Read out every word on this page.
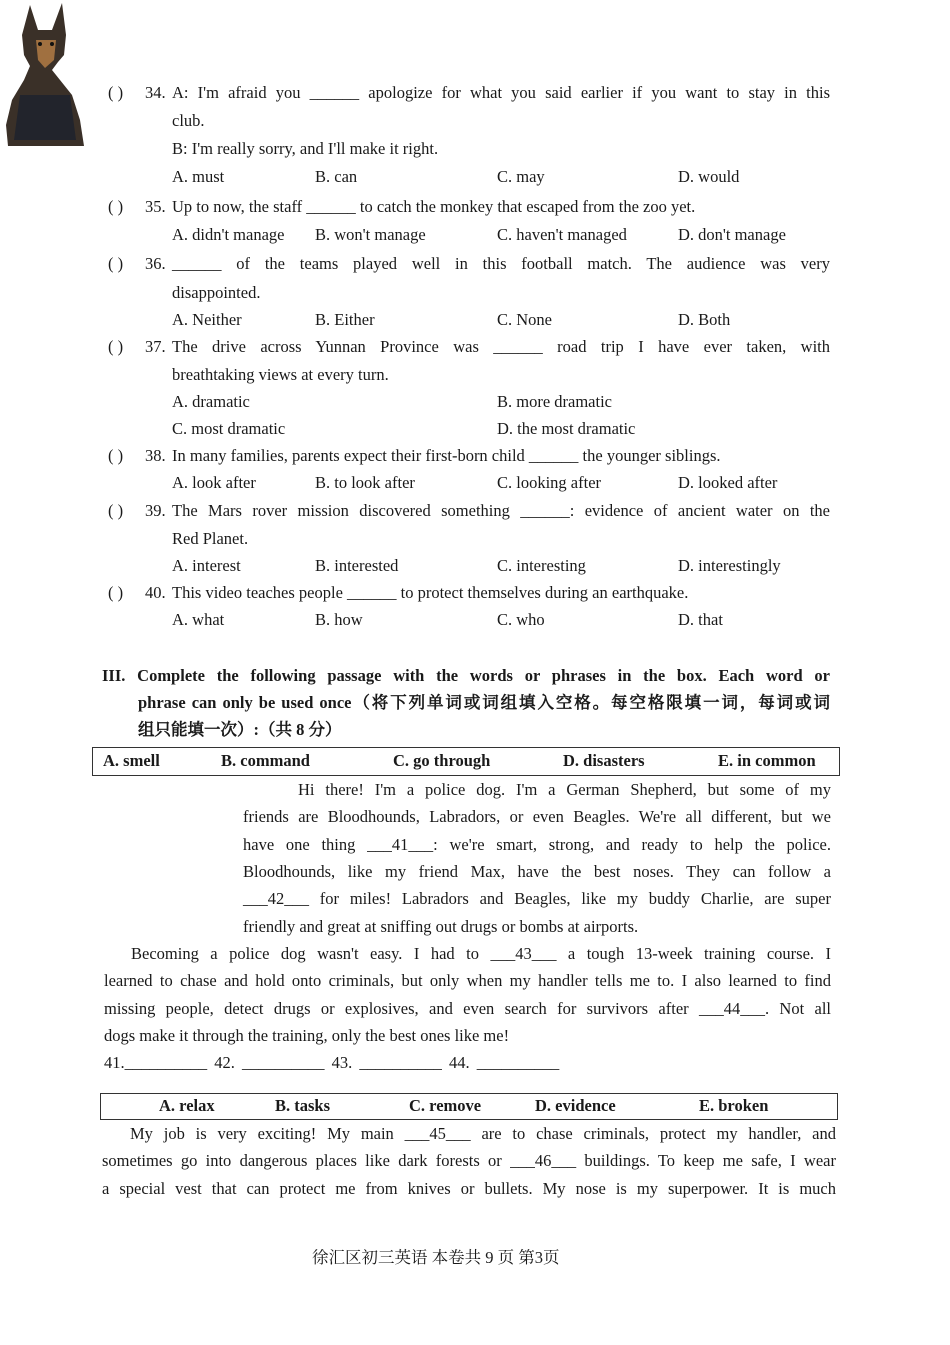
( ) 34. A: I'm afraid you ______ apologize for what you said earlier if you want to stay in this
club.
B: I'm really sorry, and I'll make it right.
A. must	B. can	C. may	D. would
( ) 35. Up to now, the staff ______ to catch the monkey that escaped from the zoo yet.
A. didn't manage B. won't manage	C. haven't managed	D. don't manage
( ) 36. ______ of the teams played well in this football match. The audience was very
disappointed.
A. Neither	B. Either	C. None	D. Both
( ) 37. The drive across Yunnan Province was ______ road trip I have ever taken, with
breathtaking views at every turn.
A. dramatic	B. more dramatic
C. most dramatic	D. the most dramatic
( ) 38. In many families, parents expect their first-born child ______ the younger siblings.
A. look after	B. to look after	C. looking after	D. looked after
( ) 39. The Mars rover mission discovered something ______: evidence of ancient water on the
Red Planet.
A. interest	B. interested	C. interesting	D. interestingly
( ) 40. This video teaches people ______ to protect themselves during an earthquake.
A. what	B. how	C. who	D. that
III. Complete the following passage with the words or phrases in the box. Each word or
phrase can only be used once（将下列单词或词组填入空格。每空格限填一词，每词或词
组只能填一次）:（共 8 分）
A. smell	B. command	C. go through	D. disasters	E. in common
Hi there! I'm a police dog. I'm a German Shepherd, but some of my
friends are Bloodhounds, Labradors, or even Beagles. We're all different, but we
have one thing ___41___: we're smart, strong, and ready to help the police.
Bloodhounds, like my friend Max, have the best noses. They can follow a
___42___ for miles! Labradors and Beagles, like my buddy Charlie, are super
friendly and great at sniffing out drugs or bombs at airports.
Becoming a police dog wasn't easy. I had to ___43___ a tough 13-week training course. I
learned to chase and hold onto criminals, but only when my handler tells me to. I also learned to find
missing people, detect drugs or explosives, and even search for survivors after ___44___. Not all
dogs make it through the training, only the best ones like me!
41.__________ 42. __________ 43. __________ 44. __________
A. relax	B. tasks	C. remove	D. evidence	E. broken
My job is very exciting! My main ___45___ are to chase criminals, protect my handler, and
sometimes go into dangerous places like dark forests or ___46___ buildings. To keep me safe, I wear
a special vest that can protect me from knives or bullets. My nose is my superpower. It is much
徐汇区初三英语 本卷共 9 页 第3页
